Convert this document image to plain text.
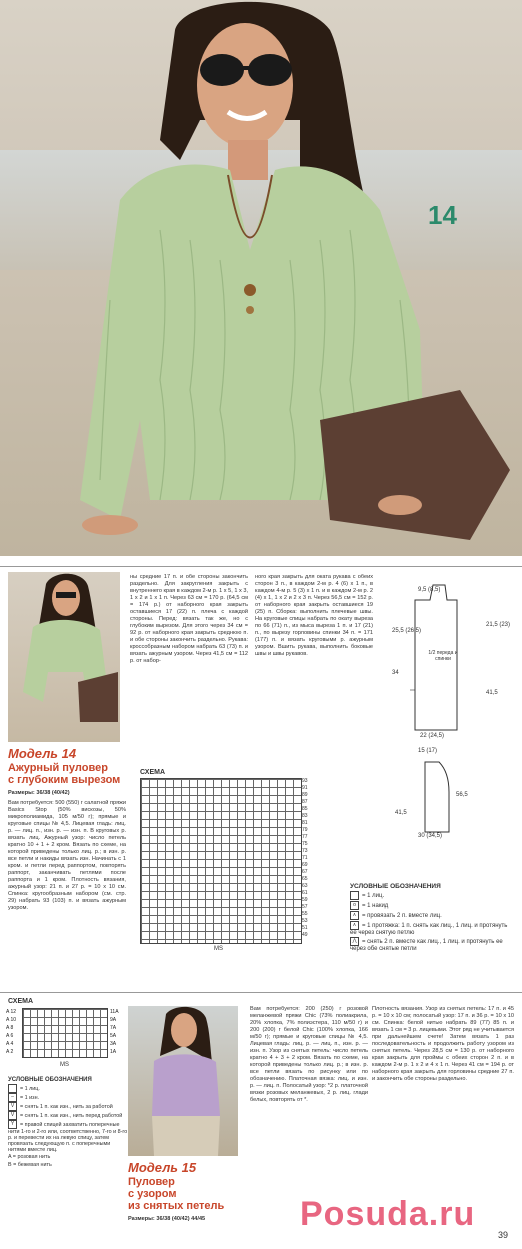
14
Модель 14
Ажурный пуловер
с глубоким вырезом
Размеры: 36/38 (40/42)
Вам потребуется: 500 (550) г салатной пряжи Basics Stop (50% вискозы, 50% микрополиамида, 105 м/50 г); прямые и круговые спицы № 4,5. Лицевая гладь: лиц. р. — лиц. п., изн. р. — изн. п. В круговых р. вязать лиц. Ажурный узор: число петель кратно 10 + 1 + 2 кром. Вязать по схеме, на которой приведены только лиц. р.; в изн. р. все петли и накиды вязать изн. Начинать с 1 кром. и петли перед раппортом, повторять раппорт, заканчивать петлями после раппорта и 1 кром. Плотность вязания, ажурный узор: 21 п. и 27 р. = 10 x 10 см. Спинка: кругообразным набором (см. стр. 29) набрать 93 (103) п. и вязать ажурным узором.
ны средние 17 п. и обе стороны закончить раздельно. Для закругления закрыть с внутреннего края в каждом 2-м р. 1 x 5, 1 x 3, 1 x 2 и 1 x 1 п. Через 63 см = 170 р. (64,5 см = 174 р.) от наборного края закрыть оставшиеся 17 (22) п. плеча с каждой стороны. Перед: вязать так же, но с глубоким вырезом. Для этого через 34 см = 92 р. от наборного края закрыть среднюю п. и обе стороны закончить раздельно. Рукава: кроссобразным набором набрать 63 (73) п. и вязать ажурным узором. Через 41,5 см = 112 р. от набор-
ного края закрыть для оката рукава с обеих сторон 3 п., в каждом 2-м р. 4 (6) x 1 п., в каждом 4-м р. 5 (3) x 1 п. и в каждом 2-м р. 2 (4) x 1, 1 x 2 и 2 x 3 п. Через 56,5 см = 152 р. от наборного края закрыть оставшиеся 19 (25) п. Сборка: выполнить плечевые швы. На круговые спицы набрать по окату выреза по 66 (71) п., из мыса выреза 1 п. и 17 (21) п., по вырезу горловины спинки 34 п. = 171 (177) п. и вязать круговыми р. ажурным узором. Вшить рукава, выполнить боковые швы и швы рукавов.
9,5 (8,5)
25,5 (26,5)
21,5 (23)
34
41,5
1/2 переда и спинки
22 (24,5)
15 (17)
56,5
41,5
30 (34,5)
СХЕМА
93
91
89
87
85
83
81
79
77
75
73
71
69
67
65
63
61
59
57
55
53
51
49
MS
УСЛОВНЫЕ ОБОЗНАЧЕНИЯ
= 1 лиц.
o = 1 накид
∧ = провязать 2 п. вместе лиц.
∧ = 1 протяжка: 1 п. снять как лиц., 1 лиц. и протянуть ее через снятую петлю
⋀ = снять 2 п. вместе как лиц., 1 лиц. и протянуть ее через обе снятые петли
СХЕМА
A 12
A 10
A 8
A 6
A 4
A 2
11A
9A
7A
5A
3A
1A
MS
УСЛОВНЫЕ ОБОЗНАЧЕНИЯ
= 1 лиц.
– = 1 изн.
V = снять 1 п. как изн., нить за работой
V = снять 1 п. как изн., нить перед работой
Y = правой спицей захватить поперечные нити 1-го и 2-го или, соответственно, 7-го и 8-го р. и перевести их на левую спицу, затем провязать следующую п. с поперечными нитями вместе лиц.
A = розовая нить
B = бежевая нить	Модель 15
Пуловер
с узором
из снятых петель
Размеры: 36/38 (40/42) 44/45
Вам потребуется: 200 (250) г розовой меланжевой пряжи Chic (73% полиакрила, 20% хлопка, 7% полиэстера, 110 м/50 г) и 200 (200) г белой Chic (100% хлопка, 166 м/50 г); прямые и круговые спицы № 4,5. Лицевая гладь: лиц. р. — лиц. п., изн. р. — изн. п. Узор из снятых петель: число петель кратно 4 + 3 + 2 кром. Вязать по схеме, на которой приведены только лиц. р.; в изн. р. все петли вязать по рисунку или по обозначению. Платочная вязка: лиц. и изн. р. — лиц. п. Полосатый узор: *2 р. платочной вязки розовых меланжевых, 2 р. лиц. глади белых, повторять от *.
Плотность вязания. Узор из снятых петель: 17 п. и 45 р. = 10 x 10 см; полосатый узор: 17 п. и 36 р. = 10 x 10 см. Спинка: белой нитью набрать 89 (77) 85 п. и вязать 1 см = 3 р. лицевыми. Этот ряд не учитывается при дальнейшем счете! Затем вязать 1 раз последовательность и продолжить работу узором из снятых петель. Через 28,5 см = 130 р. от наборного края закрыть для проймы с обеих сторон 2 п. и в каждом 2-м р. 1 x 2 и 4 x 1 п. Через 41 см = 194 р. от наборного края закрыть для горловины средние 27 п. и закончить обе стороны раздельно.
Posuda.ru
39
